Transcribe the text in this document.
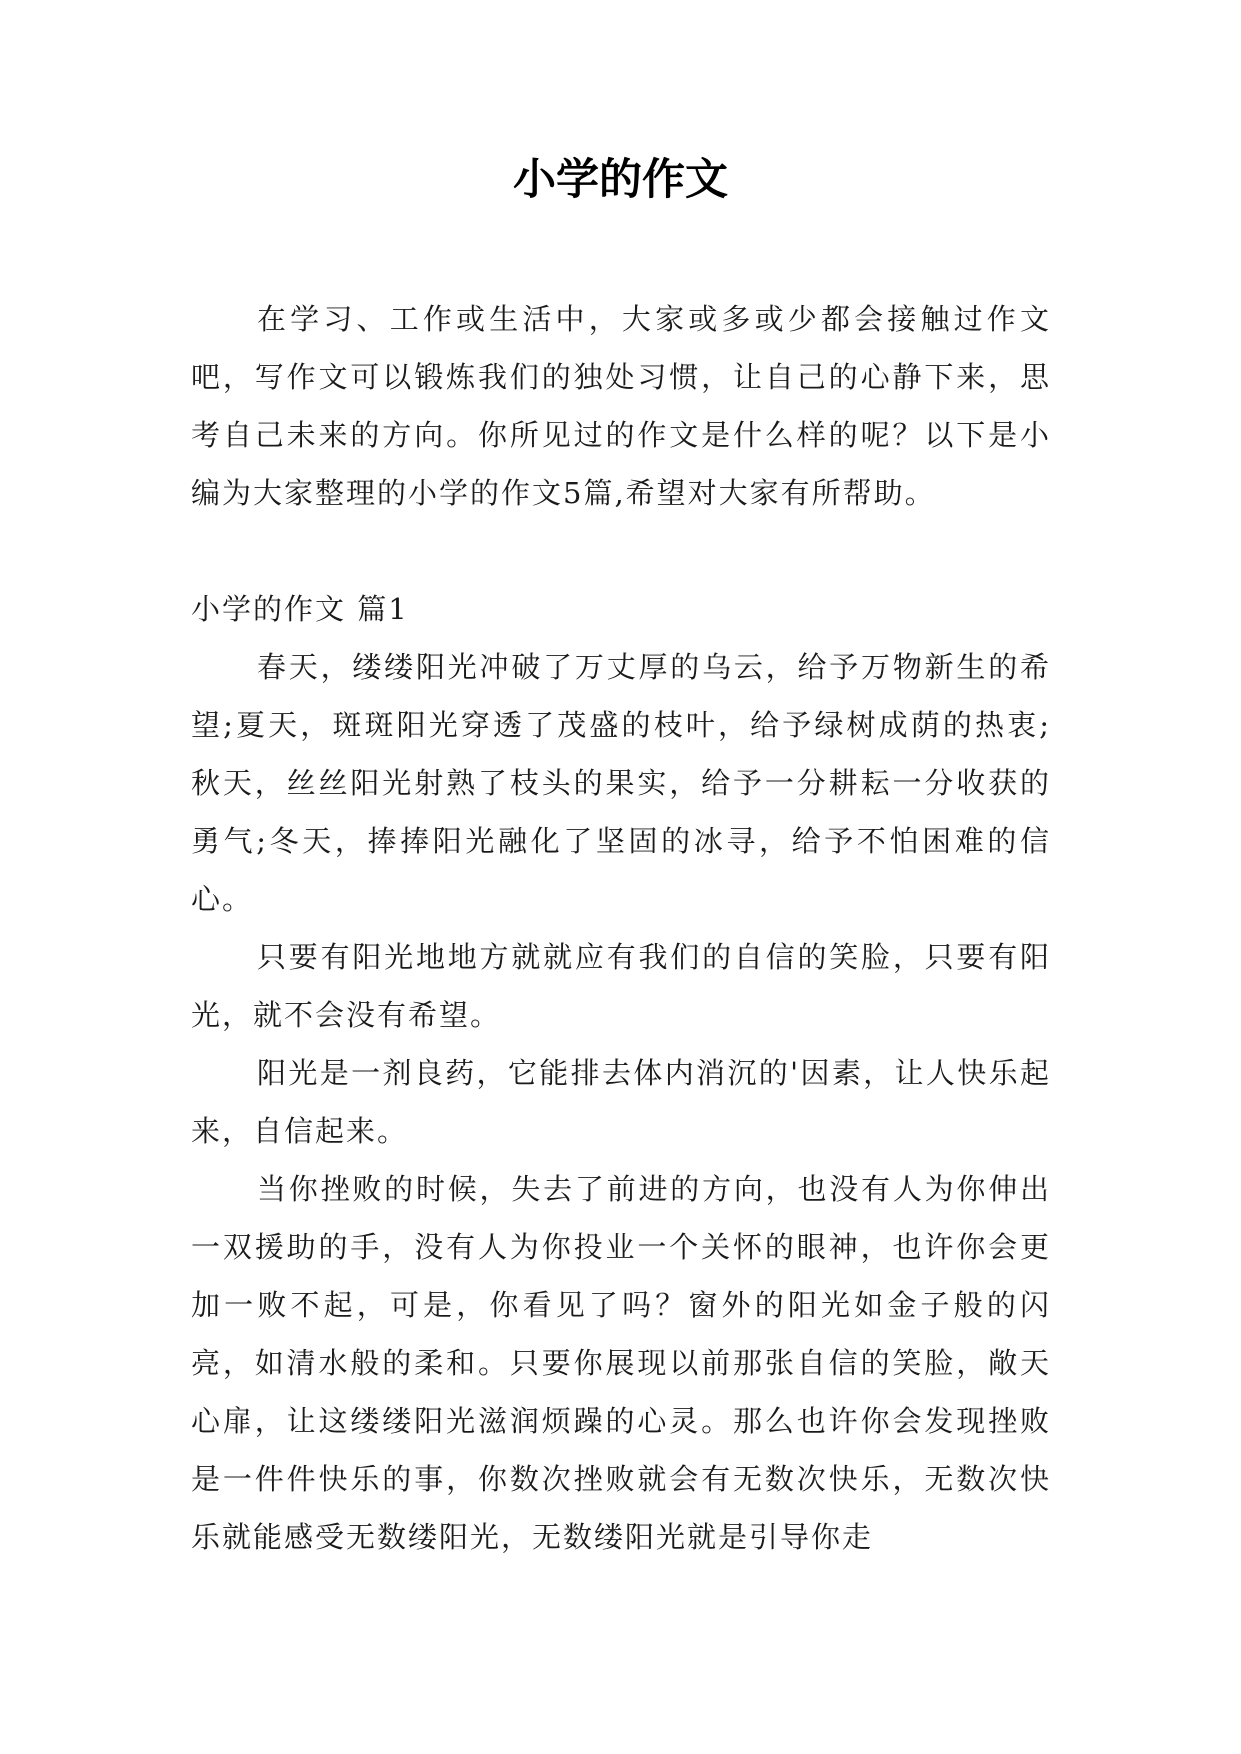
小学的作文

在学习、工作或生活中，大家或多或少都会接触过作文吧，写作文可以锻炼我们的独处习惯，让自己的心静下来，思考自己未来的方向。你所见过的作文是什么样的呢？以下是小编为大家整理的小学的作文5篇,希望对大家有所帮助。

小学的作文 篇1

春天，缕缕阳光冲破了万丈厚的乌云，给予万物新生的希望;夏天，斑斑阳光穿透了茂盛的枝叶，给予绿树成荫的热衷;秋天，丝丝阳光射熟了枝头的果实，给予一分耕耘一分收获的勇气;冬天，捧捧阳光融化了坚固的冰寻，给予不怕困难的信心。

只要有阳光地地方就就应有我们的自信的笑脸，只要有阳光，就不会没有希望。

阳光是一剂良药，它能排去体内消沉的'因素，让人快乐起来，自信起来。

当你挫败的时候，失去了前进的方向，也没有人为你伸出一双援助的手，没有人为你投业一个关怀的眼神，也许你会更加一败不起，可是，你看见了吗？窗外的阳光如金子般的闪亮，如清水般的柔和。只要你展现以前那张自信的笑脸，敞天心扉，让这缕缕阳光滋润烦躁的心灵。那么也许你会发现挫败是一件件快乐的事，你数次挫败就会有无数次快乐，无数次快乐就能感受无数缕阳光，无数缕阳光就是引导你走
